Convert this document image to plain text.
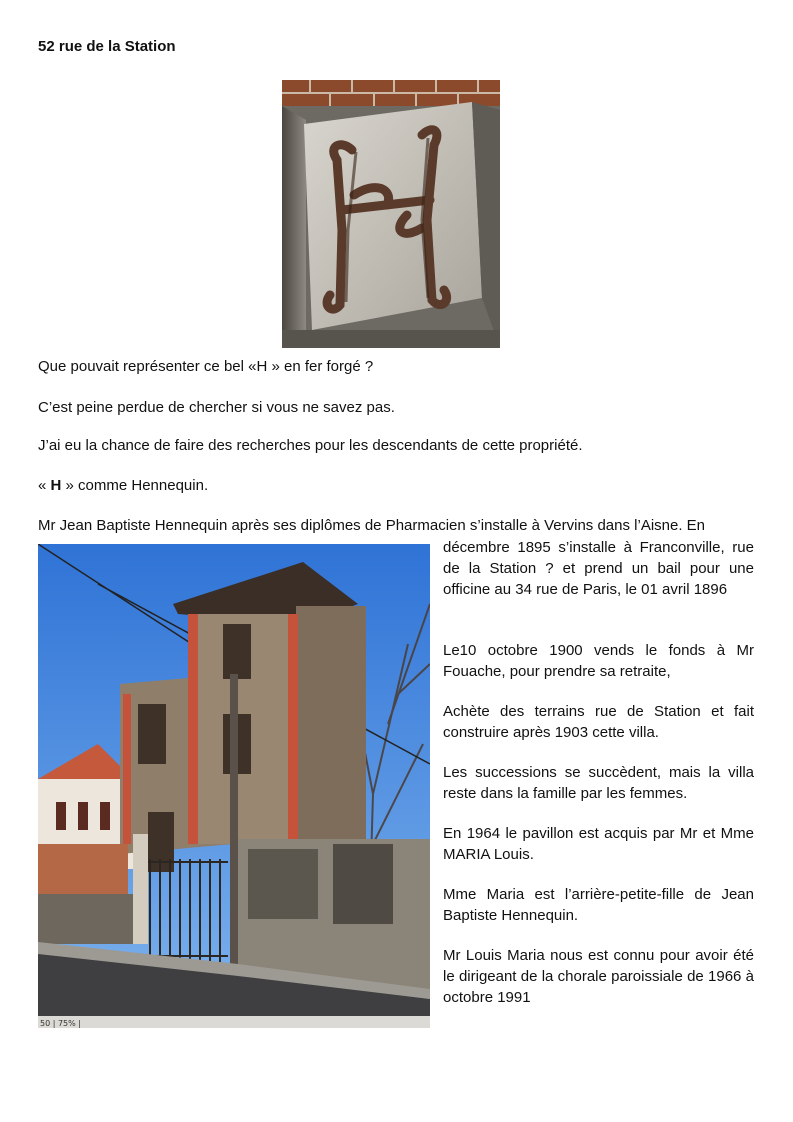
52 rue de la Station
Que pouvait représenter ce bel «H » en fer forgé ?
C’est peine perdue de chercher si vous ne savez pas.
J’ai eu la chance de faire des recherches pour les descendants de cette propriété.
« H » comme Hennequin.
Mr Jean Baptiste Hennequin après ses diplômes de Pharmacien s’installe à Vervins dans l’Aisne. En
50 | 75% |
décembre 1895 s’installe à Franconville, rue de la Station ? et prend un bail pour une officine au 34 rue de Paris, le 01 avril 1896
Le10 octobre 1900 vends le fonds à Mr Fouache, pour prendre sa retraite,
Achète des terrains rue de Station et fait construire après 1903 cette villa.
Les successions se succèdent, mais la villa reste dans la famille par les femmes.
En 1964 le pavillon est acquis par Mr et Mme MARIA Louis.
Mme Maria est l’arrière-petite-fille de Jean Baptiste Hennequin.
Mr Louis Maria nous est connu pour avoir été le dirigeant de la chorale paroissiale de 1966 à octobre 1991
